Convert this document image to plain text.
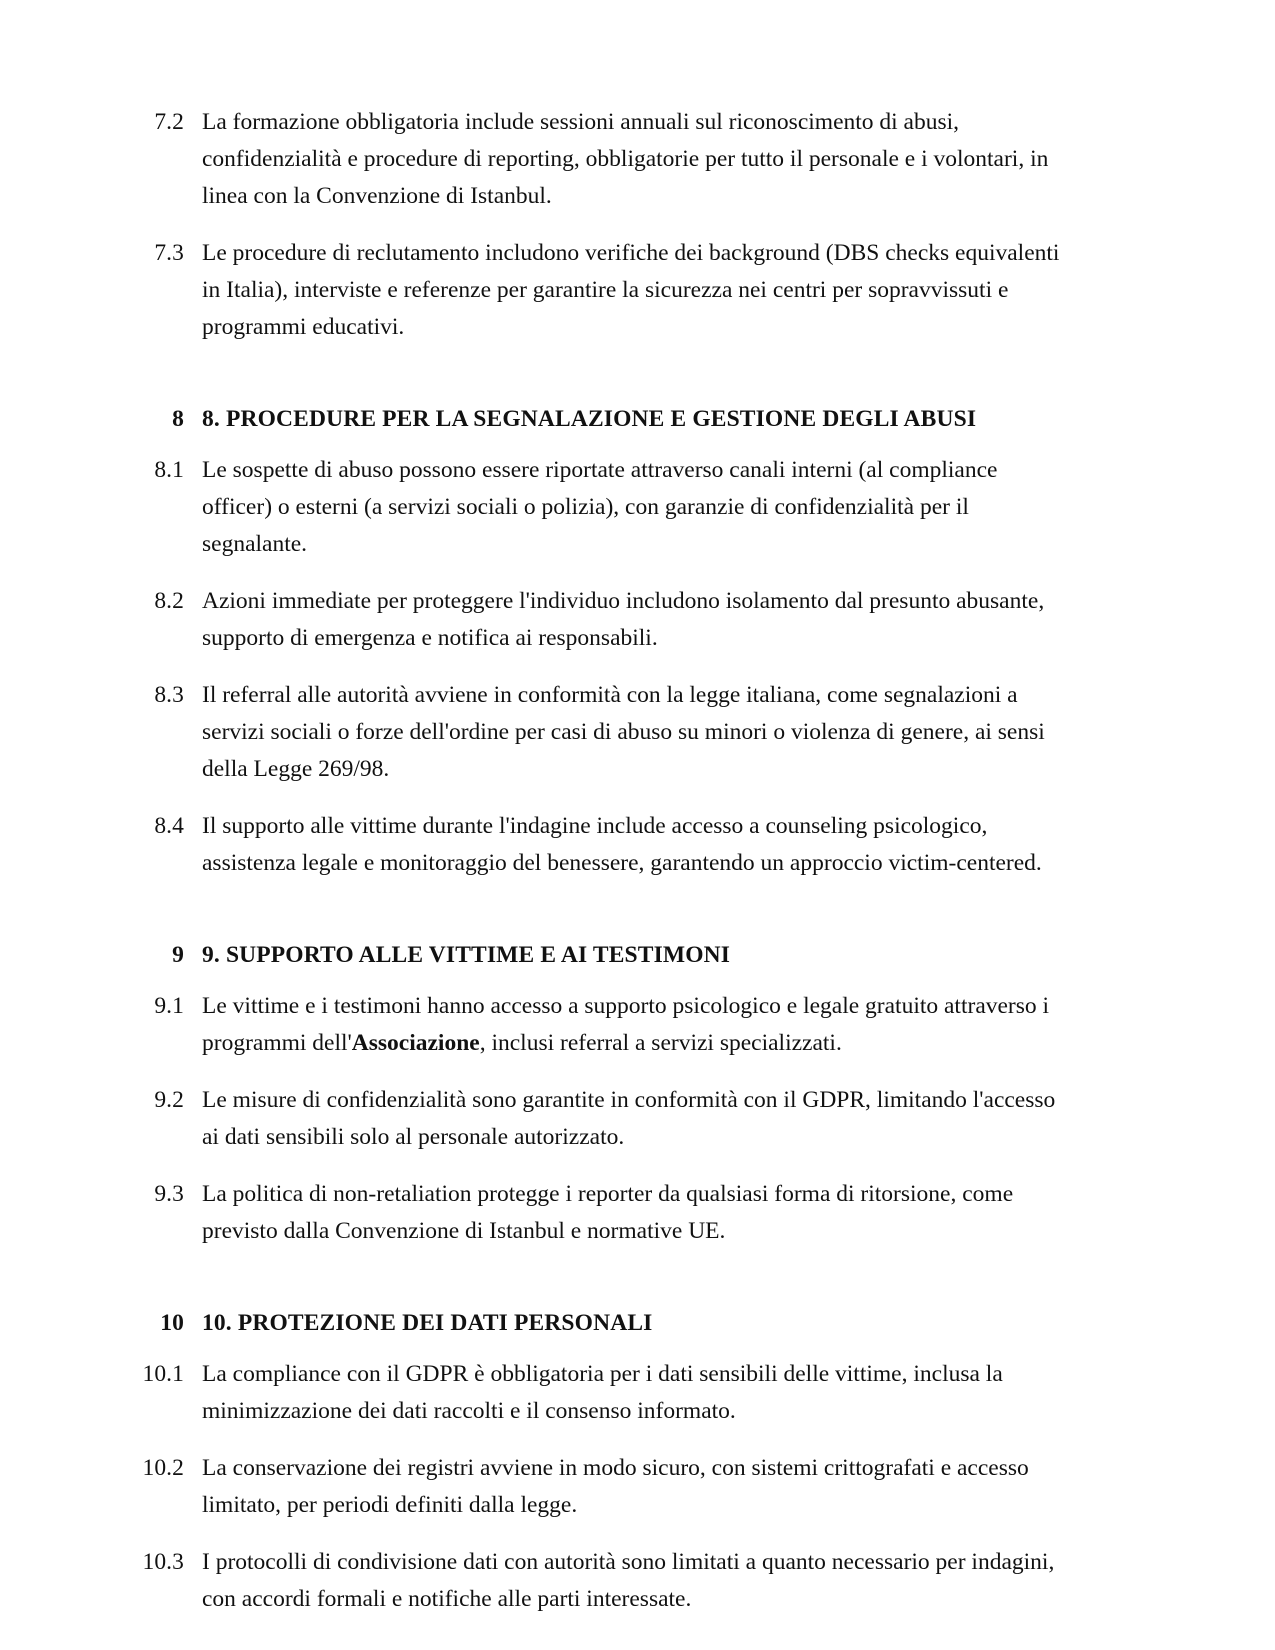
7.2 La formazione obbligatoria include sessioni annuali sul riconoscimento di abusi, confidenzialità e procedure di reporting, obbligatorie per tutto il personale e i volontari, in linea con la Convenzione di Istanbul.
7.3 Le procedure di reclutamento includono verifiche dei background (DBS checks equivalenti in Italia), interviste e referenze per garantire la sicurezza nei centri per sopravvissuti e programmi educativi.
8 8. PROCEDURE PER LA SEGNALAZIONE E GESTIONE DEGLI ABUSI
8.1 Le sospette di abuso possono essere riportate attraverso canali interni (al compliance officer) o esterni (a servizi sociali o polizia), con garanzie di confidenzialità per il segnalante.
8.2 Azioni immediate per proteggere l'individuo includono isolamento dal presunto abusante, supporto di emergenza e notifica ai responsabili.
8.3 Il referral alle autorità avviene in conformità con la legge italiana, come segnalazioni a servizi sociali o forze dell'ordine per casi di abuso su minori o violenza di genere, ai sensi della Legge 269/98.
8.4 Il supporto alle vittime durante l'indagine include accesso a counseling psicologico, assistenza legale e monitoraggio del benessere, garantendo un approccio victim-centered.
9 9. SUPPORTO ALLE VITTIME E AI TESTIMONI
9.1 Le vittime e i testimoni hanno accesso a supporto psicologico e legale gratuito attraverso i programmi dell'Associazione, inclusi referral a servizi specializzati.
9.2 Le misure di confidenzialità sono garantite in conformità con il GDPR, limitando l'accesso ai dati sensibili solo al personale autorizzato.
9.3 La politica di non-retaliation protegge i reporter da qualsiasi forma di ritorsione, come previsto dalla Convenzione di Istanbul e normative UE.
10 10. PROTEZIONE DEI DATI PERSONALI
10.1 La compliance con il GDPR è obbligatoria per i dati sensibili delle vittime, inclusa la minimizzazione dei dati raccolti e il consenso informato.
10.2 La conservazione dei registri avviene in modo sicuro, con sistemi crittografati e accesso limitato, per periodi definiti dalla legge.
10.3 I protocolli di condivisione dati con autorità sono limitati a quanto necessario per indagini, con accordi formali e notifiche alle parti interessate.
